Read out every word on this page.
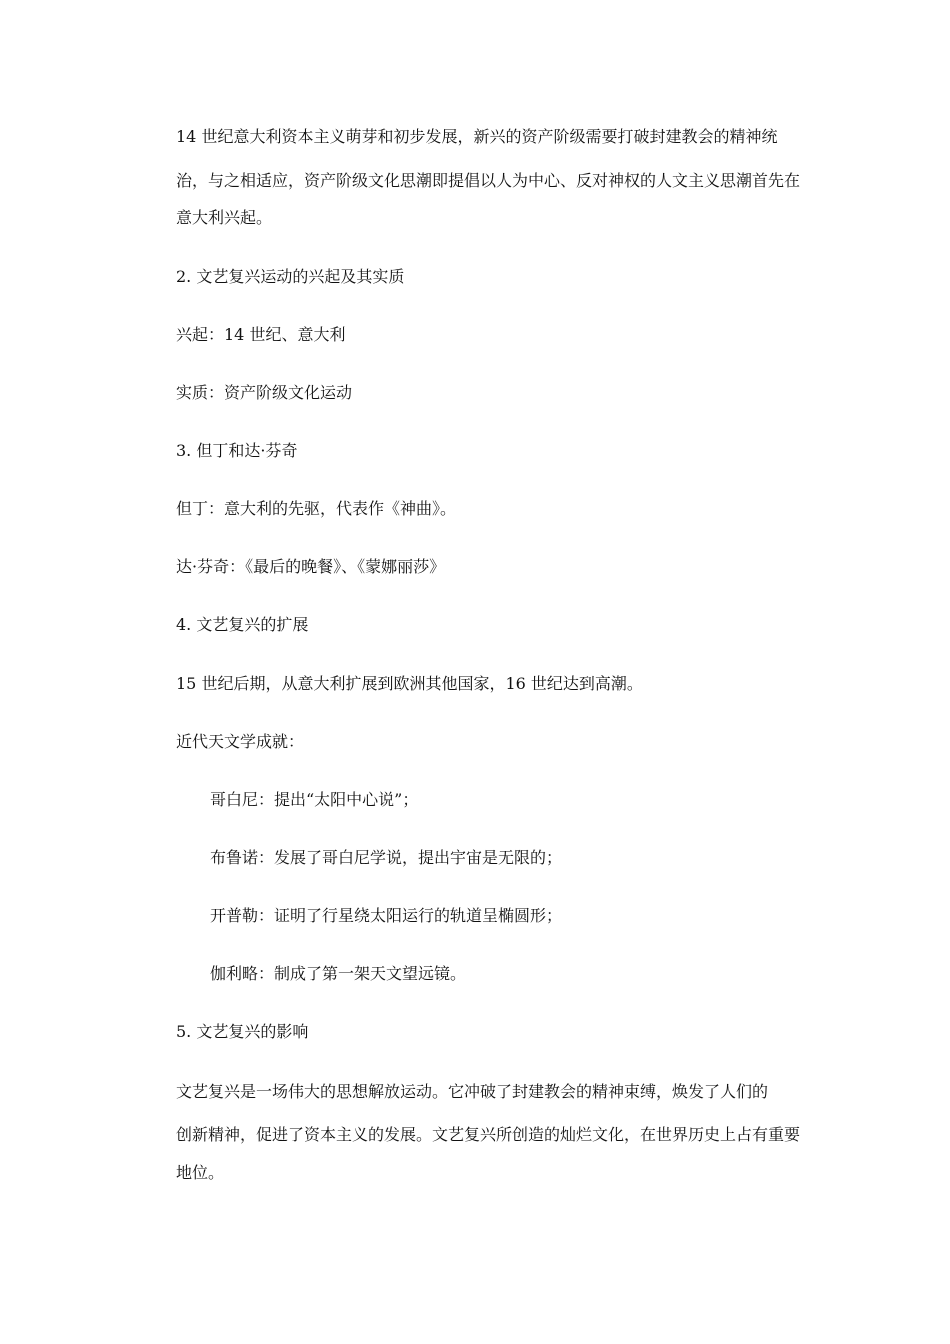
14 世纪意大利资本主义萌芽和初步发展，新兴的资产阶级需要打破封建教会的精神统
治，与之相适应，资产阶级文化思潮即提倡以人为中心、反对神权的人文主义思潮首先在
意大利兴起。
2. 文艺复兴运动的兴起及其实质
兴起：14 世纪、意大利
实质：资产阶级文化运动
3. 但丁和达·芬奇
但丁：意大利的先驱，代表作《神曲》。
达·芬奇：《最后的晚餐》、《蒙娜丽莎》
4. 文艺复兴的扩展
15 世纪后期，从意大利扩展到欧洲其他国家，16 世纪达到高潮。
近代天文学成就：
哥白尼：提出“太阳中心说”；
布鲁诺：发展了哥白尼学说，提出宇宙是无限的；
开普勒：证明了行星绕太阳运行的轨道呈椭圆形；
伽利略：制成了第一架天文望远镜。
5. 文艺复兴的影响
文艺复兴是一场伟大的思想解放运动。它冲破了封建教会的精神束缚，焕发了人们的
创新精神，促进了资本主义的发展。文艺复兴所创造的灿烂文化，在世界历史上占有重要
地位。
